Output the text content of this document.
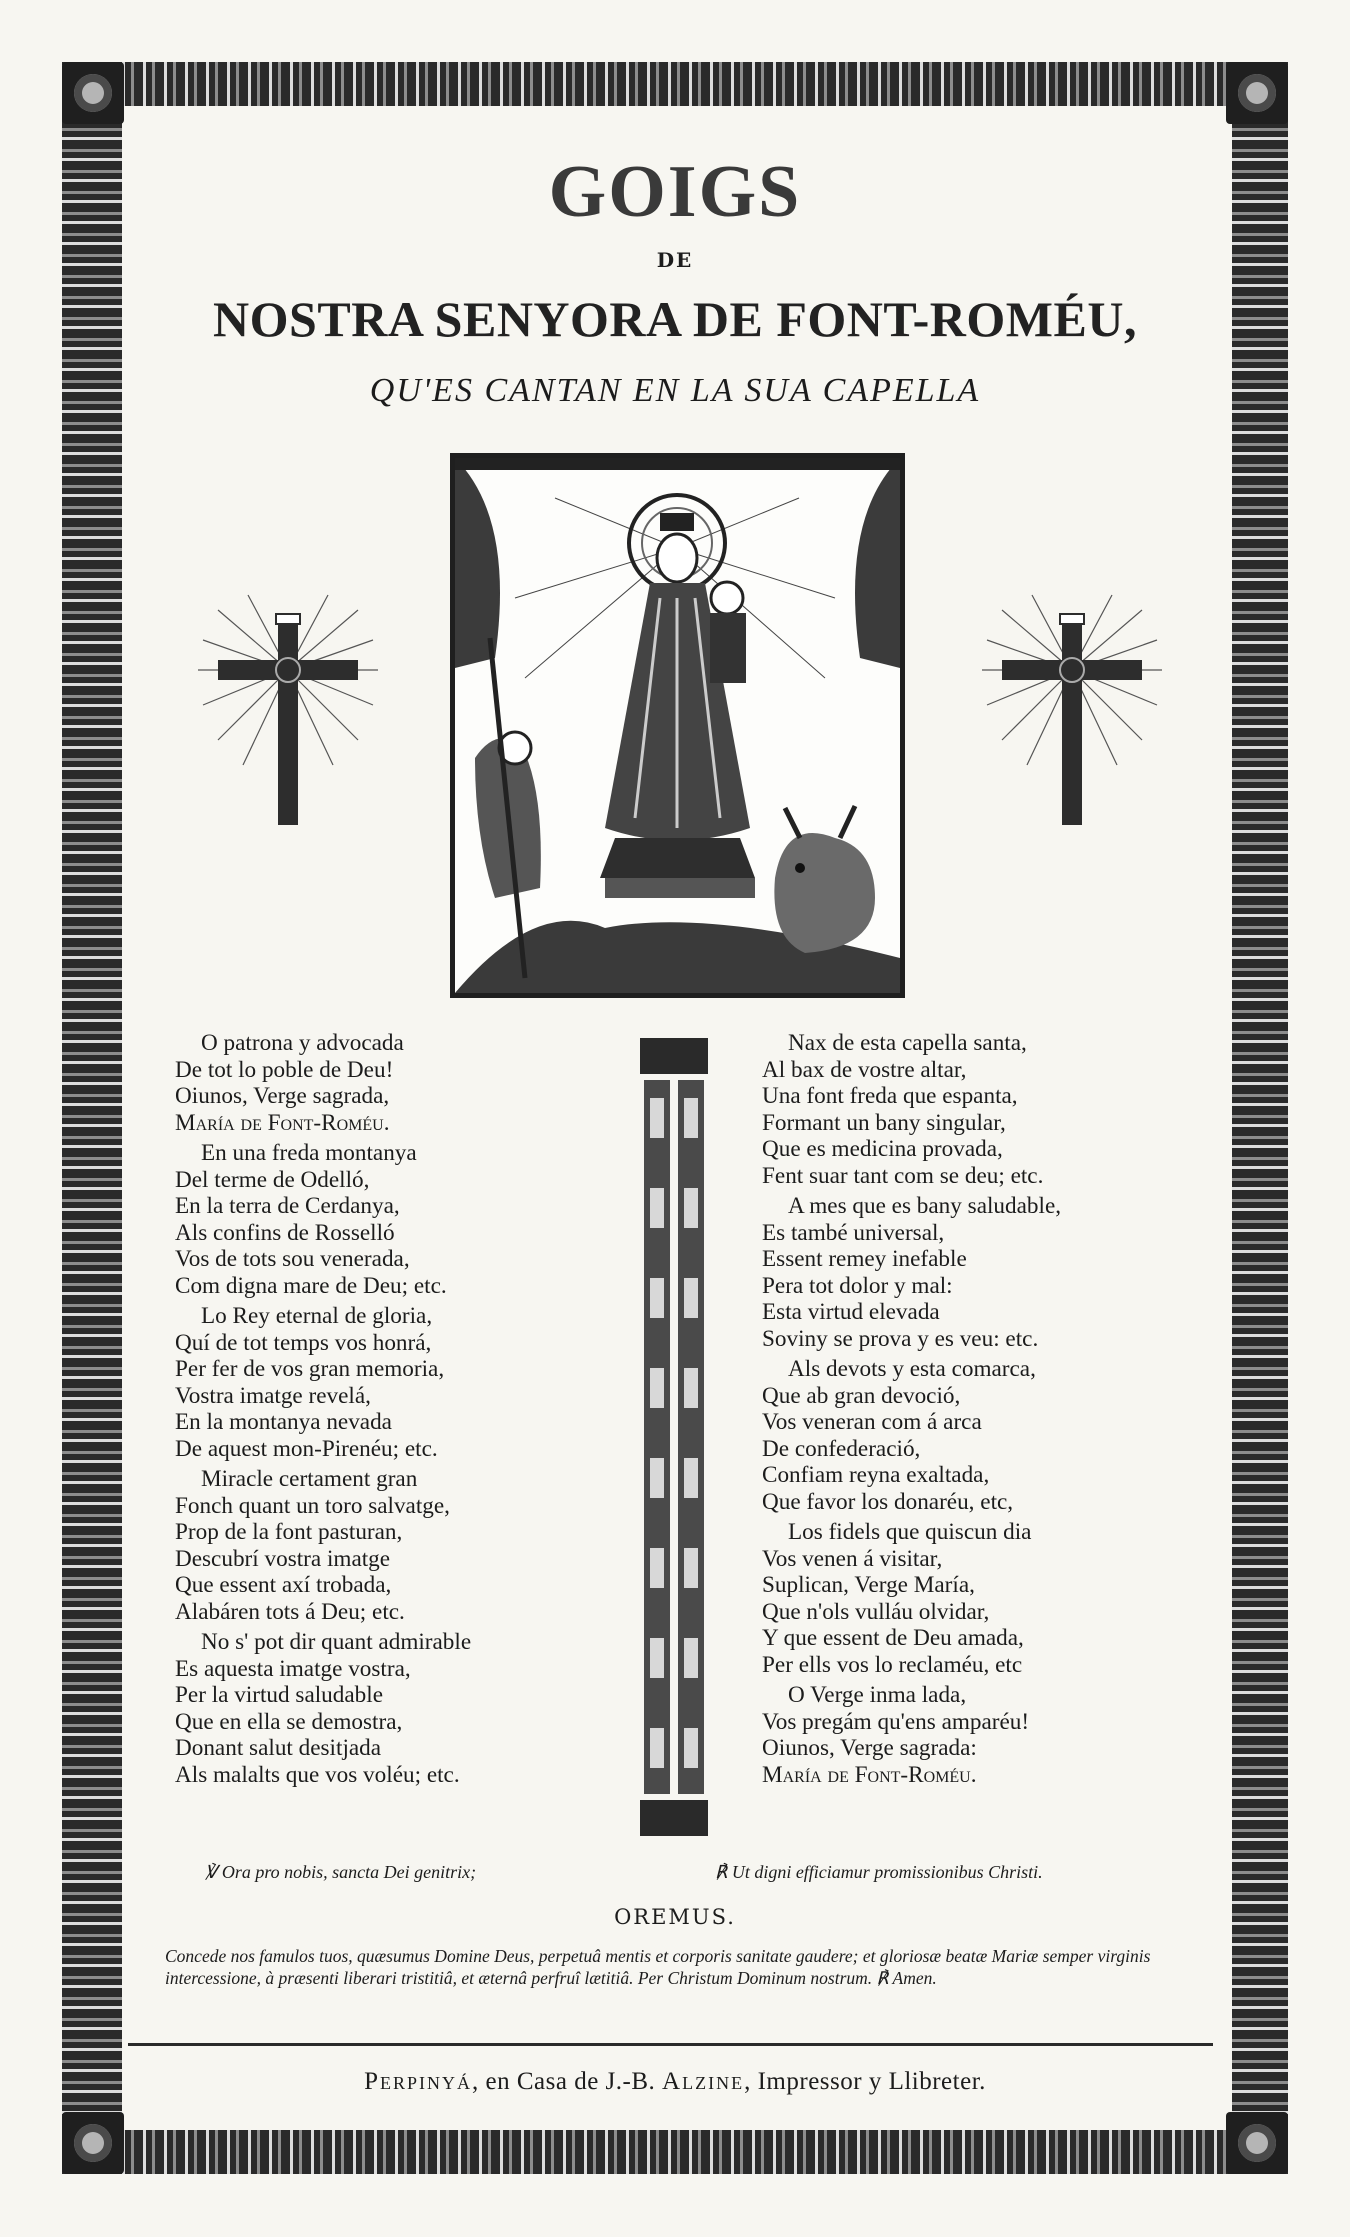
GOIGS
DE
NOSTRA SENYORA DE FONT-ROMÉU,
QU'ES CANTAN EN LA SUA CAPELLA
O patrona y advocada
De tot lo poble de Deu!
Oiunos, Verge sagrada,
María de Font-Roméu.
En una freda montanya
Del terme de Odelló,
En la terra de Cerdanya,
Als confins de Rosselló
Vos de tots sou venerada,
Com digna mare de Deu; etc.
Lo Rey eternal de gloria,
Quí de tot temps vos honrá,
Per fer de vos gran memoria,
Vostra imatge revelá,
En la montanya nevada
De aquest mon-Pirenéu; etc.
Miracle certament gran
Fonch quant un toro salvatge,
Prop de la font pasturan,
Descubrí vostra imatge
Que essent axí trobada,
Alabáren tots á Deu; etc.
No s' pot dir quant admirable
Es aquesta imatge vostra,
Per la virtud saludable
Que en ella se demostra,
Donant salut desitjada
Als malalts que vos voléu; etc.
Nax de esta capella santa,
Al bax de vostre altar,
Una font freda que espanta,
Formant un bany singular,
Que es medicina provada,
Fent suar tant com se deu; etc.
A mes que es bany saludable,
Es també universal,
Essent remey inefable
Pera tot dolor y mal:
Esta virtud elevada
Soviny se prova y es veu: etc.
Als devots y esta comarca,
Que ab gran devoció,
Vos veneran com á arca
De confederació,
Confiam reyna exaltada,
Que favor los donaréu, etc,
Los fidels que quiscun dia
Vos venen á visitar,
Suplican, Verge María,
Que n'ols vulláu olvidar,
Y que essent de Deu amada,
Per ells vos lo reclaméu, etc
O Verge inma lada,
Vos pregám qu'ens amparéu!
Oiunos, Verge sagrada:
María de Font-Roméu.
℣ Ora pro nobis, sancta Dei genitrix;	℟ Ut digni efficiamur promissionibus Christi.
OREMUS.
Concede nos famulos tuos, quæsumus Domine Deus, perpetuâ mentis et corporis sanitate gaudere; et gloriosæ beatæ Mariæ semper virginis intercessione, à præsenti liberari tristitiâ, et æternâ perfruî lætitiâ. Per Christum Dominum nostrum. ℟ Amen.
Perpinyá, en Casa de J.-B. Alzine, Impressor y Llibreter.
